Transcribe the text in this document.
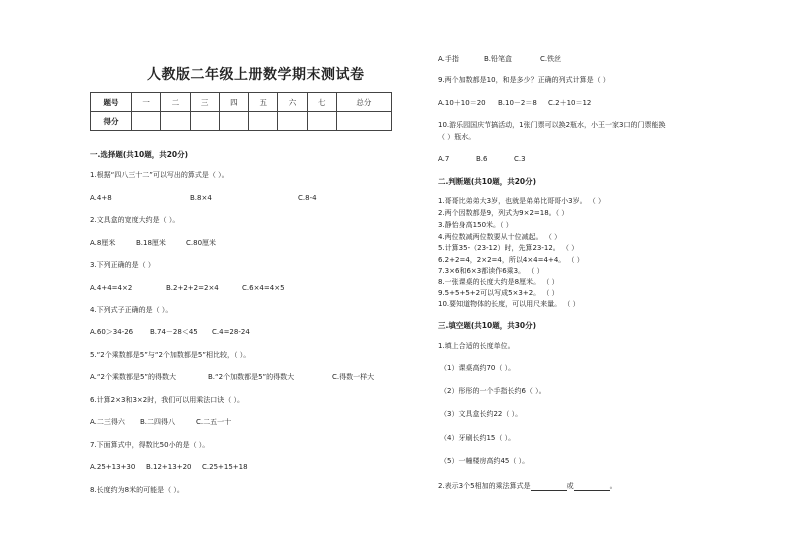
人教版二年级上册数学期末测试卷
题号	一	二	三	四	五	六	七	总分
得分								
一.选择题(共10题，共20分)
1.根据“四八三十二”可以写出的算式是（ ）。
A.4+8	B.8×4	C.8-4
2.文具盒的宽度大约是（ ）。
A.8厘米	B.18厘米	C.80厘米
3.下列正确的是（ ）
A.4+4=4×2	B.2+2+2=2×4	C.6×4=4×5
4.下列式子正确的是（ ）。
A.60＞34-26 B.74－28＜45 C.4=28-24
5.“2个乘数都是5”与“2个加数都是5”相比较，（ ）。
A.“2个乘数都是5”的得数大	B.“2个加数都是5”的得数大	C.得数一样大
6.计算2×3和3×2时，我们可以用乘法口诀（ ）。
A.二三得六 B.二四得八	C.二五一十
7.下面算式中，得数比50小的是（ ）。
A.25+13+30 B.12+13+20 C.25+15+18
8.长度约为8米的可能是（ ）。
A.手指	B.铅笔盒	C.铁丝
9.两个加数都是10，和是多少？正确的列式计算是（ ）
A.10＋10＝20 B.10－2＝8 C.2＋10＝12
10.游乐园国庆节搞活动，1张门票可以换2瓶水，小王一家3口的门票能换
（ ）瓶水。
A.7	B.6	C.3
二.判断题(共10题，共20分)
1.哥哥比弟弟大3岁，也就是弟弟比哥哥小3岁。 （ ）
2.两个因数都是9，列式为9×2=18。（ ）
3.静怡身高150米。（ ）
4.两位数减两位数要从十位减起。 （ ）
5.计算35-（23-12）时，先算23-12。 （ ）
6.2+2=4，2×2=4，所以4×4=4+4。 （ ）
7.3×6和6×3都读作6乘3。 （ ）
8.一张课桌的长度大约是8厘米。 （ ）
9.5+5+5+2可以写成5×3+2。 （ ）
10.要知道物体的长度，可以用尺来量。 （ ）
三.填空题(共10题，共30分)
1.填上合适的长度单位。
（1）课桌高约70（ ）。
（2）彤彤的一个手指长约6（ ）。
（3）文具盒长约22（ ）。
（4）牙刷长约15（ ）。
（5）一幢楼房高约45（ ）。
2.表示3个5相加的乘法算式是	或	。
